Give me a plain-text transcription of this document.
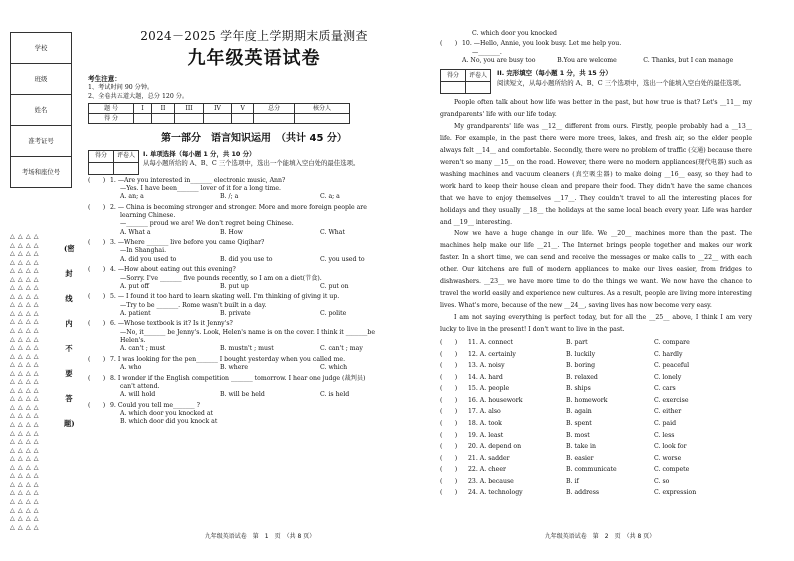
学校
班级
姓名
准考证号
考场和座位号
△ △ △ △
△ △ △ △
△ △ △ △
△ △ △ △
△ △ △ △
△ △ △ △
△ △ △ △
△ △ △ △
△ △ △ △
△ △ △ △
△ △ △ △
△ △ △ △
△ △ △ △
△ △ △ △
△ △ △ △
△ △ △ △
△ △ △ △
△ △ △ △
△ △ △ △
△ △ △ △
△ △ △ △
△ △ △ △
△ △ △ △
△ △ △ △
△ △ △ △
△ △ △ △
△ △ △ △
△ △ △ △
△ △ △ △
△ △ △ △
△ △ △ △
△ △ △ △
△ △ △ △
△ △ △ △
△ △ △ △
(密
封
线
内
不
要
答
题)
2024－2025 学年度上学期期末质量测查
九年级英语试卷
考生注意：
1、考试时间 90 分钟。
2、全卷共五道大题，总分 120 分。
题 号	I	II	III	IV	V	总分	核分人
得 分							
第一部分　语言知识运用　（共计 45 分）
得分	评卷人
	I. 单项选择（每小题 1 分，共 10 分）
从每小题所给的 A、B、C 三个选项中，选出一个能填入空白处的最佳选项。
(　　) 1. —Are you interested in_______ electronic music, Ann?
—Yes. I have been_______ lover of it for a long time.
A. an; a	B. /; a	C. a; a
(　　) 2. — China is becoming stronger and stronger. More and more foreign people are
learning Chinese.
—_______ proud we are! We don't regret being Chinese.
A. What a	B. How	C. What
(　　) 3. —Where _______ live before you came Qiqihar?
—In Shanghai.
A. did you used to	B. did you use to	C. you used to
(　　) 4. —How about eating out this evening?
—Sorry. I've _______ five pounds recently, so I am on a diet(节食).
A. put off	B. put up	C. put on
(　　) 5. — I found it too hard to learn skating well. I'm thinking of giving it up.
—Try to be _______. Rome wasn't built in a day.
A. patient	B. private	C. polite
(　　) 6. —Whose textbook is it? Is it Jenny's?
—No, it_______ be Jenny's. Look, Helen's name is on the cover. I think it _______be
Helen's.
A. can't ; must	B. mustn't ; must	C. can't ; may
(　　) 7. I was looking for the pen_______ I bought yesterday when you called me.
A. who	B. where	C. which
(　　) 8. I wonder if the English competition _______ tomorrow. I hear one judge (裁判员)
can't attend.
A. will hold	B. will be held	C. is held
(　　) 9. Could you tell me_______ ?
A. which door you knocked at
B. which door did you knock at
九年级英语试卷　第　1　页　（共 8 页）
C. which door you knocked
(　　) 10. —Hello, Annie, you look busy. Let me help you.
—_______.
A. No, you are busy too	B.You are welcome	C. Thanks, but I can manage
得分	评卷人
	II. 完形填空（每小题 1 分，共 15 分）
阅读短文，从每小题所给的 A、B、C 三个选项中，选出一个能填入空白处的最佳选项。

People often talk about how life was better in the past, but how true is that? Let's __11__ my grandparents' life with our life today.

My grandparents' life was __12__ different from ours. Firstly, people probably had a __13__ life. For example, in the past there were more trees, lakes, and fresh air, so the elder people always felt __14__ and comfortable. Secondly, there were no problem of traffic (交通) because there weren't so many __15__ on the road. However, there were no modern appliances(现代电器) such as washing machines and vacuum cleaners (真空吸尘器) to make doing __16__ easy, so they had to work hard to keep their house clean and prepare their food. They didn't have the same chances that we have to enjoy themselves __17__. They couldn't travel to all the interesting places for holidays and they usually __18__ the holidays at the same local beach every year. Life was harder and __19__ interesting.

Now we have a huge change in our life. We __20__ machines more than the past. The machines help make our life __21__. The Internet brings people together and makes our work faster. In a short time, we can send and receive the messages or make calls to __22__ with each other. Our kitchens are full of modern appliances to make our lives easier, from fridges to dishwashers. __23__ we have more time to do the things we want. We now have the chance to travel the world easily and experience new cultures. As a result, people are living more interesting lives. What's more, because of the new __24__, saving lives has now become very easy.

I am not saying everything is perfect today, but for all the __25__ above, I think I am very lucky to live in the present! I don't want to live in the past.

(　　)	11. A. connect	B. part	C. compare
(　　)	12. A. certainly	B. luckily	C. hardly
(　　)	13. A. noisy	B. boring	C. peaceful
(　　)	14. A. hard	B. relaxed	C. lonely
(　　)	15. A. people	B. ships	C. cars
(　　)	16. A. housework	B. homework	C. exercise
(　　)	17. A. also	B. again	C. either
(　　)	18. A. took	B. spent	C. paid
(　　)	19. A. least	B. most	C. less
(　　)	20. A. depend on	B. take in	C. look for
(　　)	21. A. sadder	B. easier	C. worse
(　　)	22. A. cheer	B. communicate	C. compete
(　　)	23. A. because	B. if	C. so
(　　)	24. A. technology	B. address	C. expression
九年级英语试卷　第　2　页　（共 8 页）
